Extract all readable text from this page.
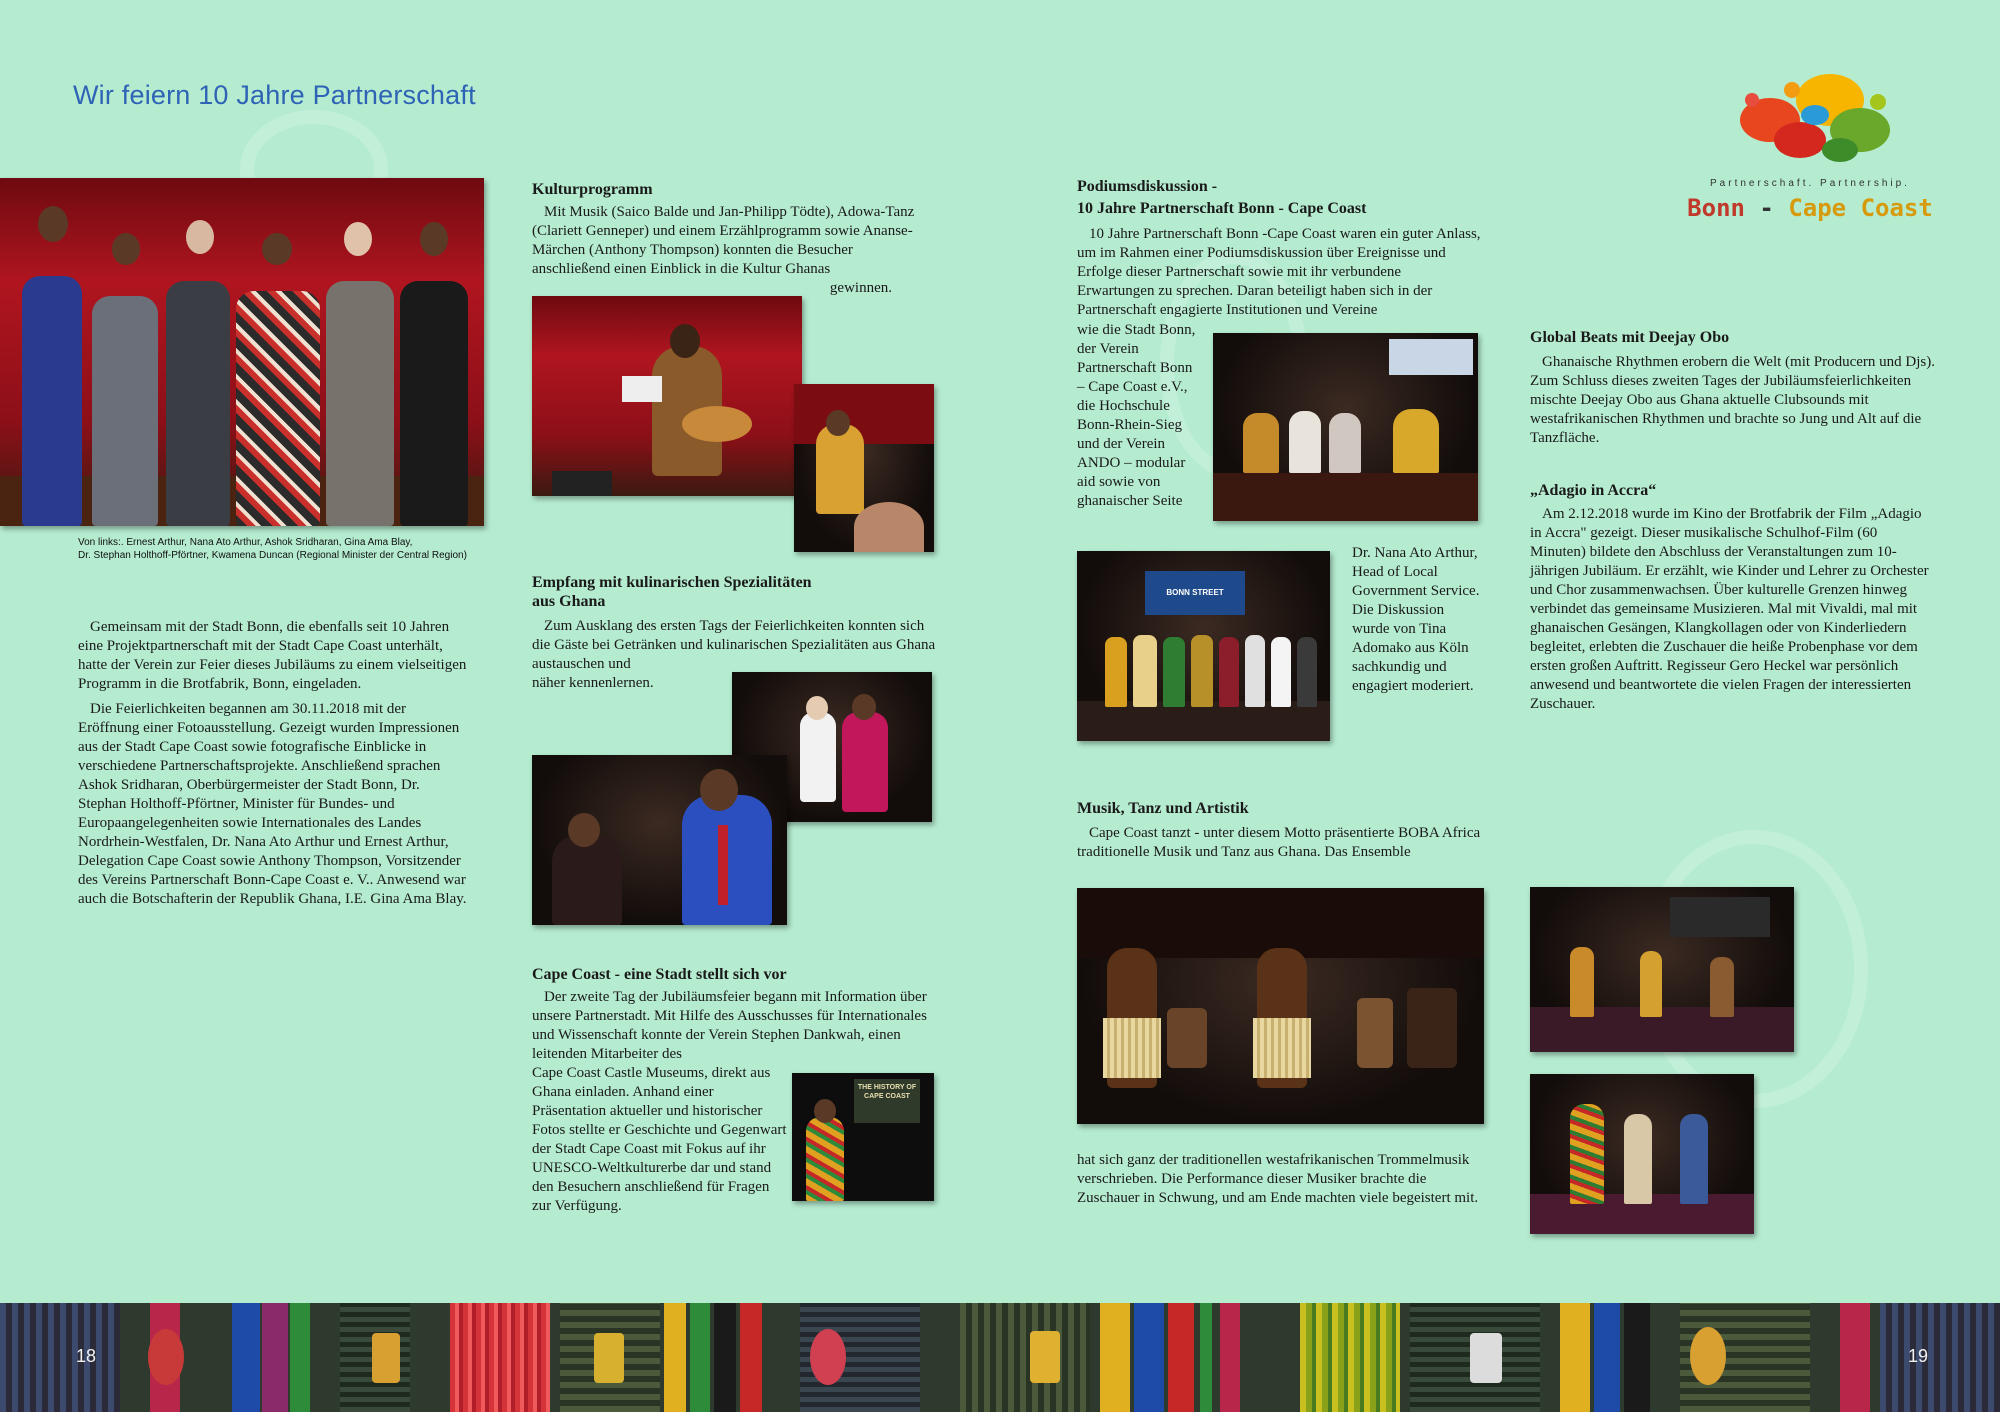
Wir feiern 10 Jahre Partnerschaft
Partnerschaft. Partnership.
Bonn - Cape Coast
Von links:. Ernest Arthur, Nana Ato Arthur, Ashok Sridharan, Gina Ama Blay,
Dr. Stephan Holthoff-Pförtner, Kwamena Duncan (Regional Minister der Central Region)
Gemeinsam mit der Stadt Bonn, die ebenfalls seit 10 Jahren eine Projektpartnerschaft mit der Stadt Cape Coast unterhält, hatte der Verein zur Feier dieses Jubiläums zu einem vielseitigen Programm in die Brotfabrik, Bonn, eingeladen.
Die Feierlichkeiten begannen am 30.11.2018 mit der Eröffnung einer Fotoausstellung. Gezeigt wurden Impressionen aus der Stadt Cape Coast sowie fotografische Einblicke in verschiedene Partnerschaftsprojekte. Anschließend sprachen Ashok Sridharan, Oberbürgermeister der Stadt Bonn, Dr. Stephan Holthoff-Pförtner, Minister für Bundes- und Europaangelegenheiten sowie Internationales des Landes Nordrhein-Westfalen, Dr. Nana Ato Arthur und Ernest Arthur, Delegation Cape Coast sowie Anthony Thompson, Vorsitzender des Vereins Partnerschaft Bonn-Cape Coast e. V.. Anwesend war auch die Botschafterin der Republik Ghana, I.E. Gina Ama Blay.
Kulturprogramm
Mit Musik (Saico Balde und Jan-Philipp Tödte), Adowa-Tanz (Clariett Genneper) und einem Erzählprogramm sowie Ananse-Märchen (Anthony Thompson) konnten die Besucher anschließend einen Einblick in die Kultur Ghanas
gewinnen.
Empfang mit kulinarischen Spezialitäten
aus Ghana
Zum Ausklang des ersten Tags der Feierlichkeiten konnten sich die Gäste bei Getränken und kulinarischen Spezialitäten aus Ghana austauschen und
näher kennenlernen.
Cape Coast - eine Stadt stellt sich vor
Der zweite Tag der Jubiläumsfeier begann mit Information über unsere Partnerstadt. Mit Hilfe des Ausschusses für Internationales und Wissenschaft konnte der Verein Stephen Dankwah, einen leitenden Mitarbeiter des
Cape Coast Castle Museums, direkt aus Ghana einladen. Anhand einer Präsentation aktueller und historischer Fotos stellte er Geschichte und Gegenwart der Stadt Cape Coast mit Fokus auf ihr UNESCO-Weltkulturerbe dar und stand den Besuchern anschließend für Fragen zur Verfügung.
THE HISTORY OF CAPE COAST
Podiumsdiskussion -
10 Jahre Partnerschaft Bonn - Cape Coast
10 Jahre Partnerschaft Bonn -Cape Coast waren ein guter Anlass, um im Rahmen einer Podiumsdiskussion über Ereignisse und Erfolge dieser Partnerschaft sowie mit ihr verbundene Erwartungen zu sprechen. Daran beteiligt haben sich in der Partnerschaft engagierte Institutionen und Vereine
wie die Stadt Bonn, der Verein Partnerschaft Bonn – Cape Coast e.V., die Hochschule Bonn-Rhein-Sieg und der Verein ANDO – modular aid sowie von ghanaischer Seite
BONN STREET
Dr. Nana Ato Arthur, Head of Local Government Service. Die Diskussion wurde von Tina Adomako aus Köln sachkundig und engagiert moderiert.
Musik, Tanz und Artistik
Cape Coast tanzt - unter diesem Motto präsentierte BOBA Africa traditionelle Musik und Tanz aus Ghana. Das Ensemble
hat sich ganz der traditionellen westafrikanischen Trommelmusik verschrieben. Die Performance dieser Musiker brachte die Zuschauer in Schwung, und am Ende machten viele begeistert mit.
Global Beats mit Deejay Obo
Ghanaische Rhythmen erobern die Welt (mit Producern und Djs). Zum Schluss dieses zweiten Tages der Jubiläumsfeierlichkeiten mischte Deejay Obo aus Ghana aktuelle Clubsounds mit westafrikanischen Rhythmen und brachte so Jung und Alt auf die Tanzfläche.
„Adagio in Accra“
Am 2.12.2018 wurde im Kino der Brotfabrik der Film „Adagio in Accra" gezeigt. Dieser musikalische Schulhof-Film (60 Minuten) bildete den Abschluss der Veranstaltungen zum 10-jährigen Jubiläum. Er erzählt, wie Kinder und Lehrer zu Orchester und Chor zusammenwachsen. Über kulturelle Grenzen hinweg verbindet das gemeinsame Musizieren. Mal mit Vivaldi, mal mit ghanaischen Gesängen, Klangkollagen oder von Kinderliedern begleitet, erlebten die Zuschauer die heiße Probenphase vor dem ersten großen Auftritt. Regisseur Gero Heckel war persönlich anwesend und beantwortete die vielen Fragen der interessierten Zuschauer.
18	19
